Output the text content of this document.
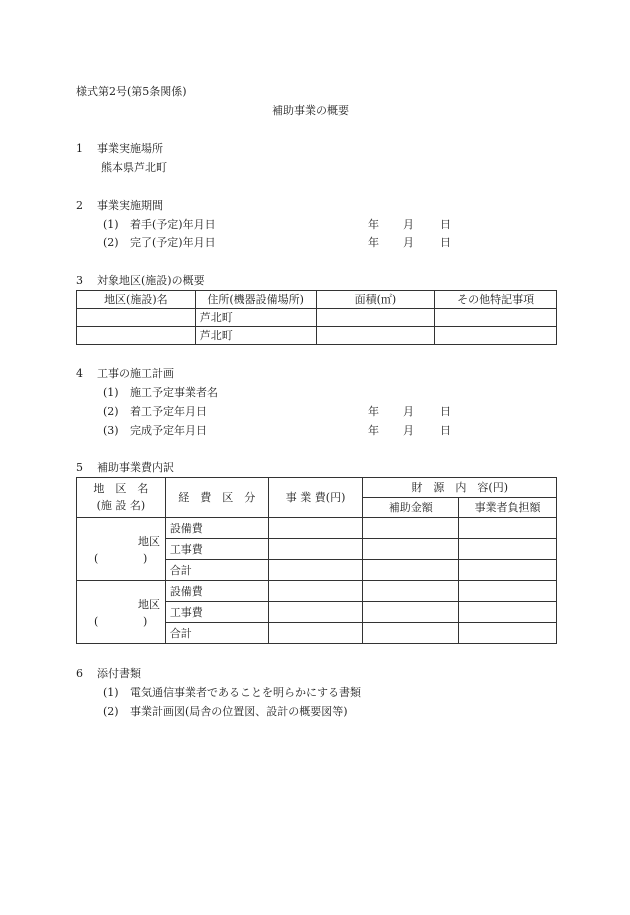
様式第2号(第5条関係)
補助事業の概要
1 事業実施場所
熊本県芦北町
2 事業実施期間
(1) 着手(予定)年月日	年 月 日
(2) 完了(予定)年月日	年 月 日
3 対象地区(施設)の概要
地区(施設)名	住所(機器設備場所)	面積(㎡)	その他特記事項
	芦北町		
	芦北町		
4 工事の施工計画
(1) 施工予定事業者名
(2) 着工予定年月日	年 月 日
(3) 完成予定年月日	年 月 日
5 補助事業費内訳
地　区　名
(施 設 名)	経　費　区　分	事 業 費(円)	財　源　内　容(円)	
			補助金額	事業者負担額

地区
( )	設備費			
	工事費			
	合計			

地区
( )	設備費			
	工事費			
	合計			
6 添付書類
(1) 電気通信事業者であることを明らかにする書類
(2) 事業計画図(局舎の位置図、設計の概要図等)
